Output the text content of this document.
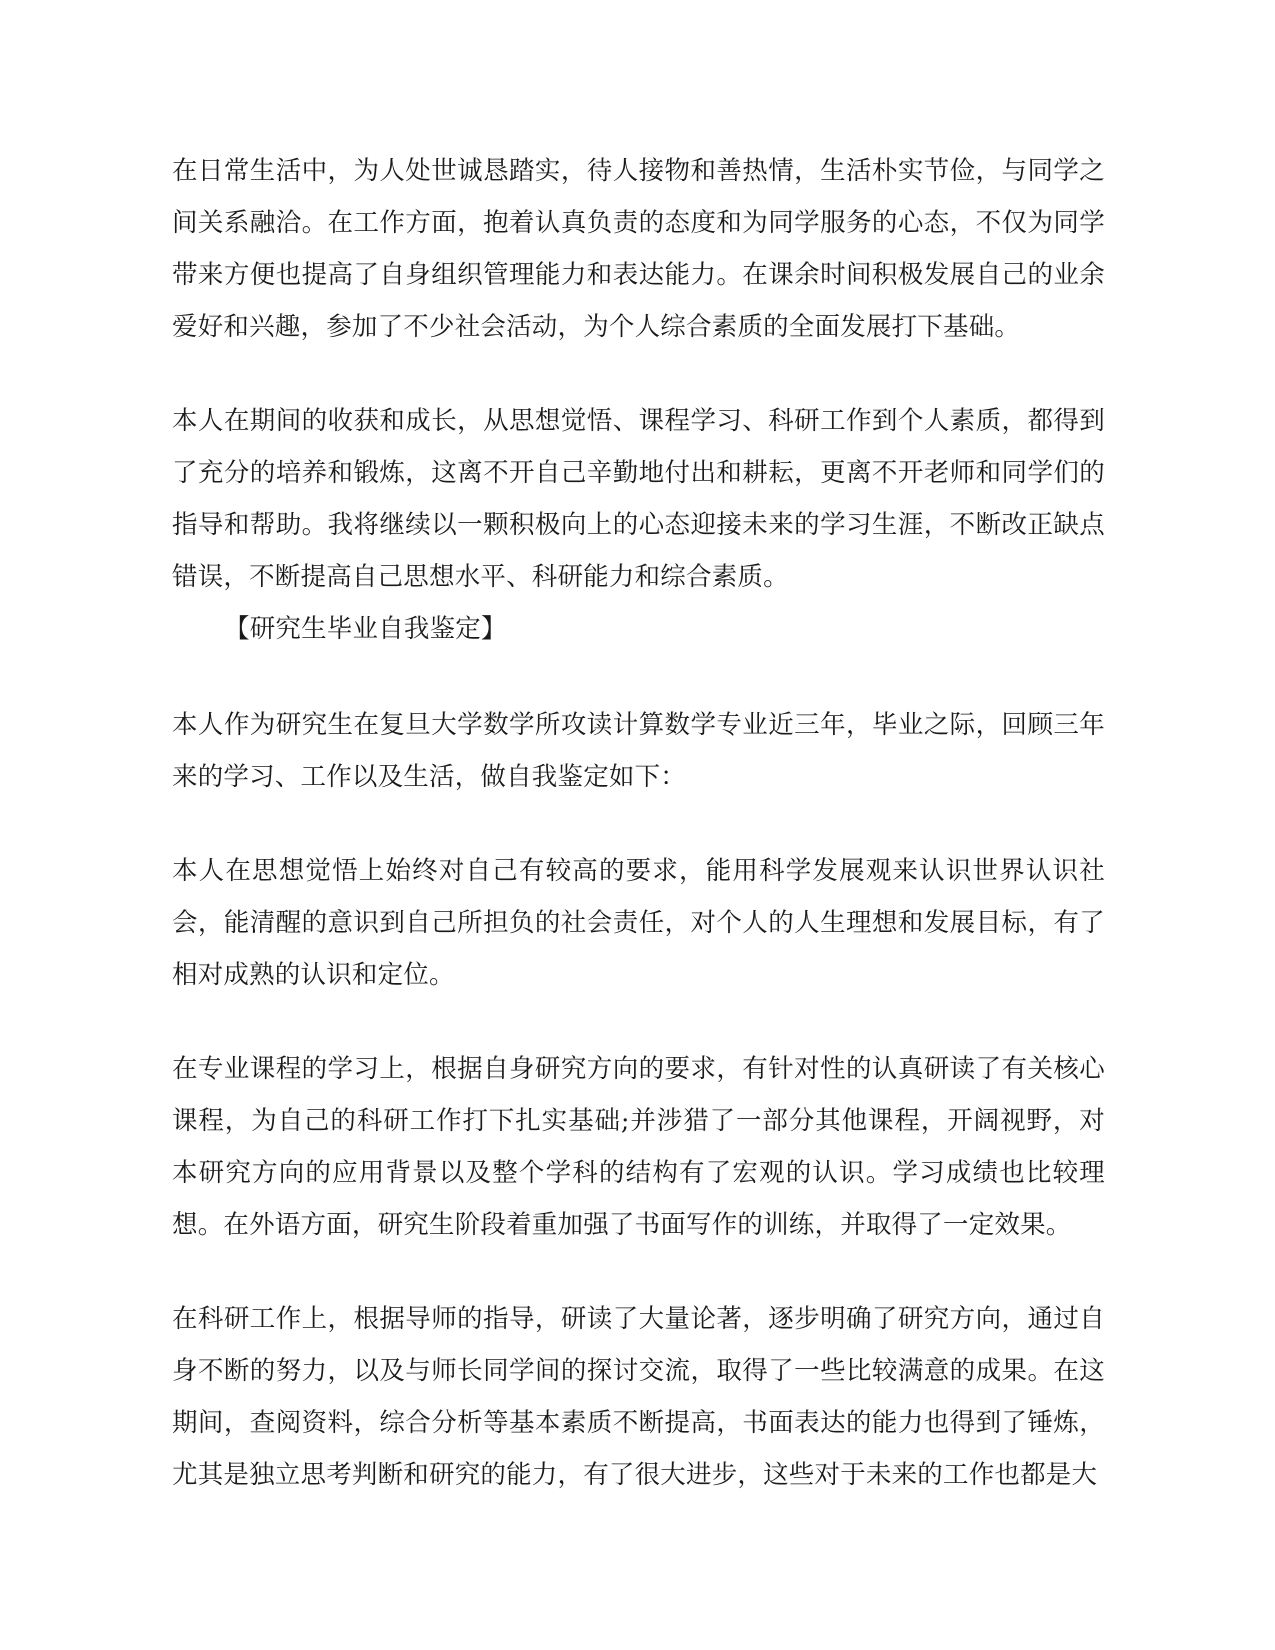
在日常生活中，为人处世诚恳踏实，待人接物和善热情，生活朴实节俭，与同学之间关系融洽。在工作方面，抱着认真负责的态度和为同学服务的心态，不仅为同学带来方便也提高了自身组织管理能力和表达能力。在课余时间积极发展自己的业余爱好和兴趣，参加了不少社会活动，为个人综合素质的全面发展打下基础。

本人在期间的收获和成长，从思想觉悟、课程学习、科研工作到个人素质，都得到了充分的培养和锻炼，这离不开自己辛勤地付出和耕耘，更离不开老师和同学们的指导和帮助。我将继续以一颗积极向上的心态迎接未来的学习生涯，不断改正缺点错误，不断提高自己思想水平、科研能力和综合素质。

【研究生毕业自我鉴定】

本人作为研究生在复旦大学数学所攻读计算数学专业近三年，毕业之际，回顾三年来的学习、工作以及生活，做自我鉴定如下：

本人在思想觉悟上始终对自己有较高的要求，能用科学发展观来认识世界认识社会，能清醒的意识到自己所担负的社会责任，对个人的人生理想和发展目标，有了相对成熟的认识和定位。

在专业课程的学习上，根据自身研究方向的要求，有针对性的认真研读了有关核心课程，为自己的科研工作打下扎实基础;并涉猎了一部分其他课程，开阔视野，对本研究方向的应用背景以及整个学科的结构有了宏观的认识。学习成绩也比较理想。在外语方面，研究生阶段着重加强了书面写作的训练，并取得了一定效果。

在科研工作上，根据导师的指导，研读了大量论著，逐步明确了研究方向，通过自身不断的努力，以及与师长同学间的探讨交流，取得了一些比较满意的成果。在这期间，查阅资料，综合分析等基本素质不断提高，书面表达的能力也得到了锤炼，尤其是独立思考判断和研究的能力，有了很大进步，这些对于未来的工作也都是大
